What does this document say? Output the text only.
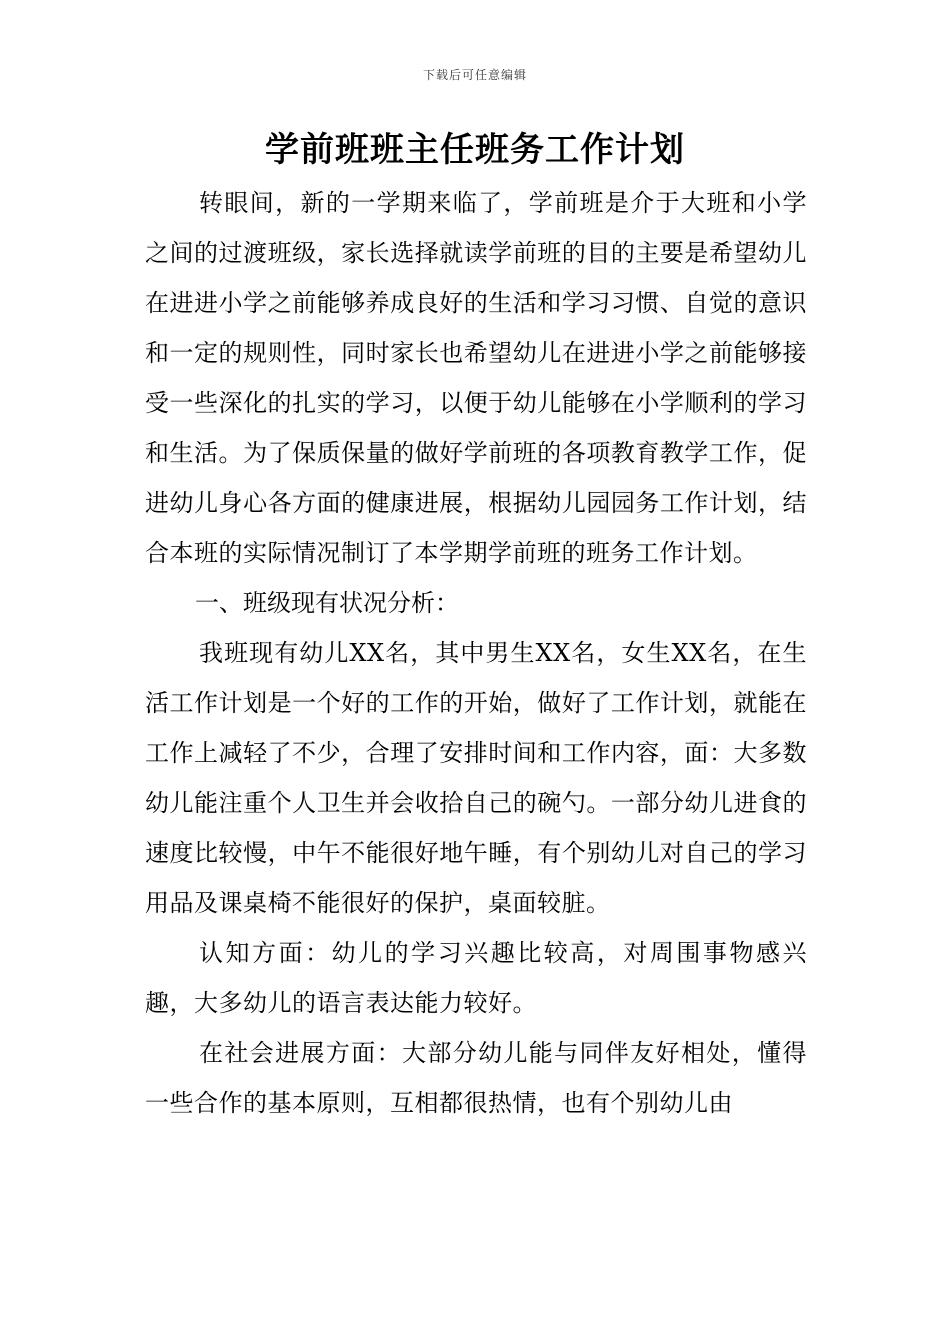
下载后可任意编辑
学前班班主任班务工作计划

转眼间，新的一学期来临了，学前班是介于大班和小学之间的过渡班级，家长选择就读学前班的目的主要是希望幼儿在进进小学之前能够养成良好的生活和学习习惯、自觉的意识和一定的规则性，同时家长也希望幼儿在进进小学之前能够接受一些深化的扎实的学习，以便于幼儿能够在小学顺利的学习和生活。为了保质保量的做好学前班的各项教育教学工作，促进幼儿身心各方面的健康进展，根据幼儿园园务工作计划，结合本班的实际情况制订了本学期学前班的班务工作计划。

一、班级现有状况分析：

我班现有幼儿XX名，其中男生XX名，女生XX名，在生活工作计划是一个好的工作的开始，做好了工作计划，就能在工作上减轻了不少，合理了安排时间和工作内容，面：大多数幼儿能注重个人卫生并会收拾自己的碗勺。一部分幼儿进食的速度比较慢，中午不能很好地午睡，有个别幼儿对自己的学习用品及课桌椅不能很好的保护，桌面较脏。

认知方面：幼儿的学习兴趣比较高，对周围事物感兴趣，大多幼儿的语言表达能力较好。

在社会进展方面：大部分幼儿能与同伴友好相处，懂得一些合作的基本原则，互相都很热情，也有个别幼儿由
